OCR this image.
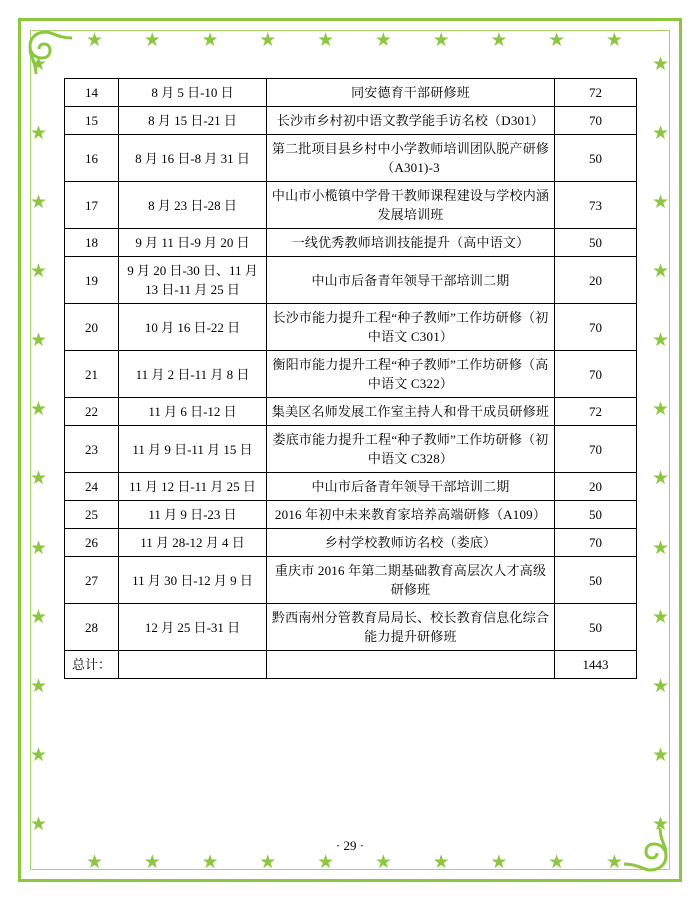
14	8 月 5 日-10 日	同安德育干部研修班	72
15	8 月 15 日-21 日	长沙市乡村初中语文教学能手访名校（D301）	70
16	8 月 16 日-8 月 31 日	第二批项目县乡村中小学教师培训团队脱产研修（A301)-3	50
17	8 月 23 日-28 日	中山市小榄镇中学骨干教师课程建设与学校内涵发展培训班	73
18	9 月 11 日-9 月 20 日	一线优秀教师培训技能提升（高中语文）	50
19	9 月 20 日-30 日、11 月 13 日-11 月 25 日	中山市后备青年领导干部培训二期	20
20	10 月 16 日-22 日	长沙市能力提升工程“种子教师”工作坊研修（初中语文 C301）	70
21	11 月 2 日-11 月 8 日	衡阳市能力提升工程“种子教师”工作坊研修（高中语文 C322）	70
22	11 月 6 日-12 日	集美区名师发展工作室主持人和骨干成员研修班	72
23	11 月 9 日-11 月 15 日	娄底市能力提升工程“种子教师”工作坊研修（初中语文 C328）	70
24	11 月 12 日-11 月 25 日	中山市后备青年领导干部培训二期	20
25	11 月 9 日-23 日	2016 年初中未来教育家培养高端研修（A109）	50
26	11 月 28-12 月 4 日	乡村学校教师访名校（娄底）	70
27	11 月 30 日-12 月 9 日	重庆市 2016 年第二期基础教育高层次人才高级研修班	50
28	12 月 25 日-31 日	黔西南州分管教育局局长、校长教育信息化综合能力提升研修班	50
总计：			1443
· 29 ·
